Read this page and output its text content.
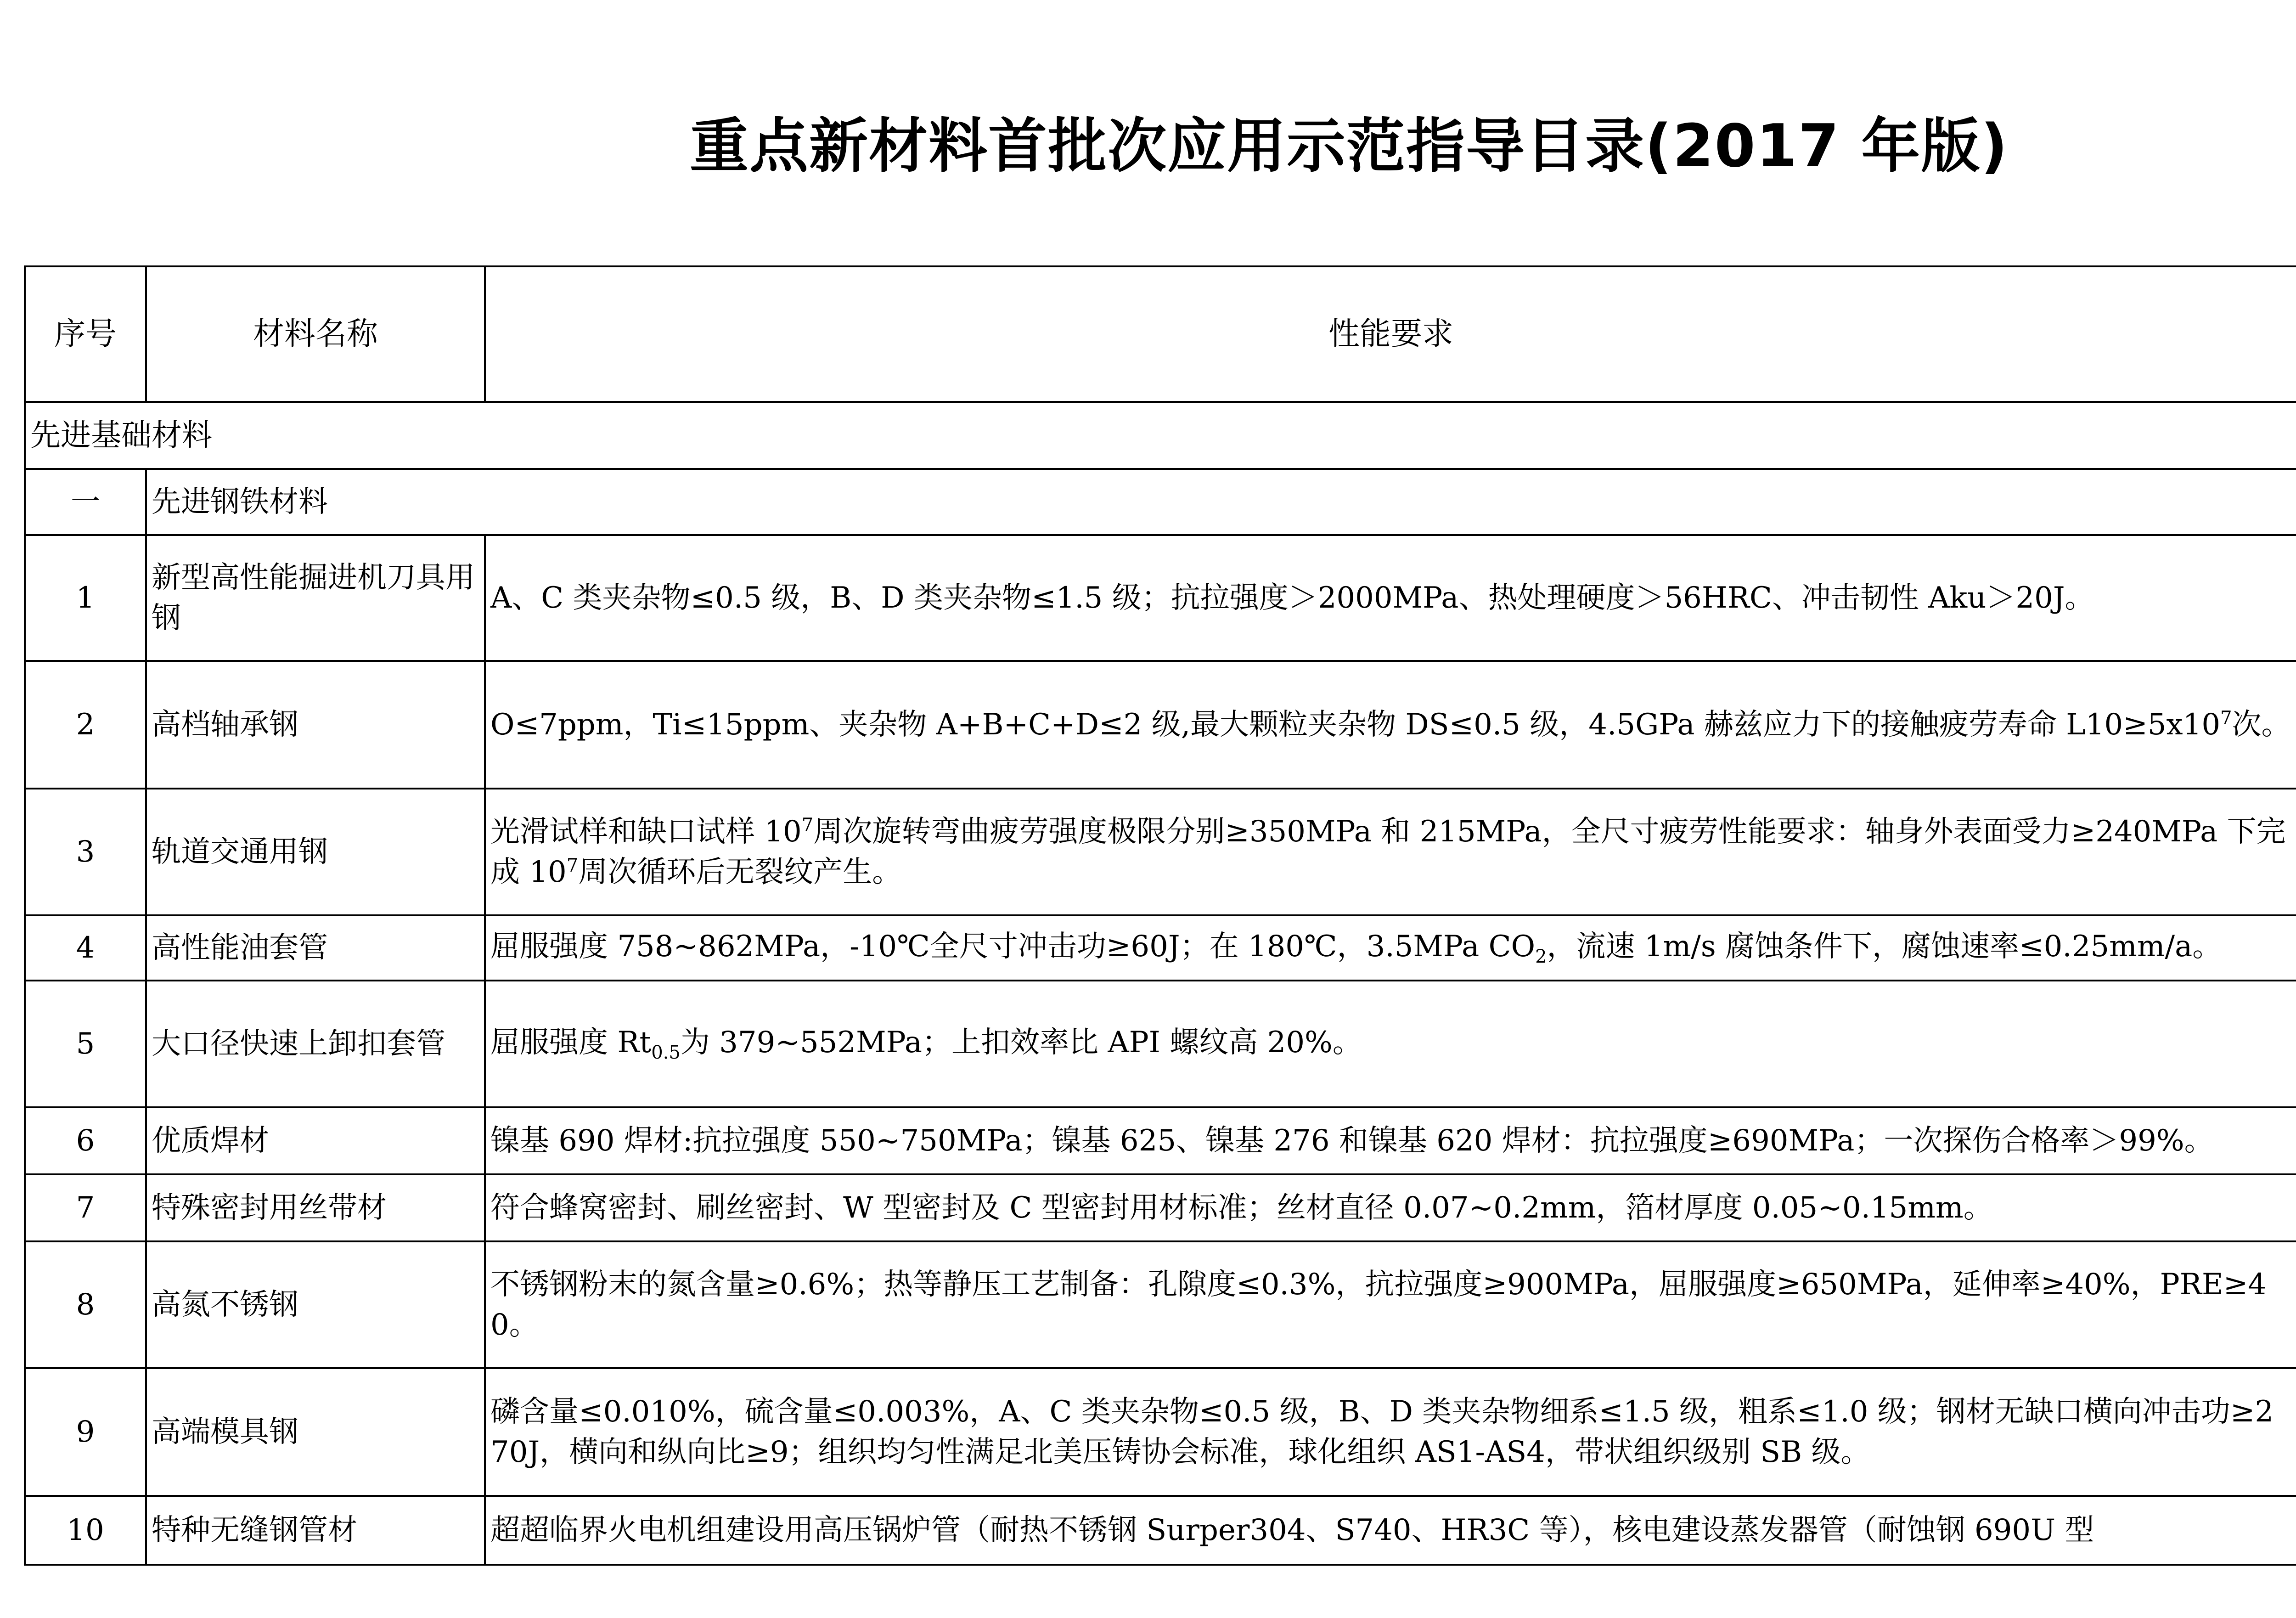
重点新材料首批次应用示范指导目录(2017 年版)
序号	材料名称	性能要求	
先进基础材料			
一	先进钢铁材料		
1	新型高性能掘进机刀具用钢	A、C 类夹杂物≤0.5 级，B、D 类夹杂物≤1.5 级；抗拉强度＞2000MPa、热处理硬度＞56HRC、冲击韧性 Aku＞20J。	
2	高档轴承钢	O≤7ppm，Ti≤15ppm、夹杂物 A+B+C+D≤2 级,最大颗粒夹杂物 DS≤0.5 级，4.5GPa 赫兹应力下的接触疲劳寿命 $L10\ge 5x10^7$次。	
3	轨道交通用钢	光滑试样和缺口试样 $10^7$周次旋转弯曲疲劳强度极限分别≥350MPa 和 215MPa，全尺寸疲劳性能要求：轴身外表面受力≥240MPa 下完成 $10^7$周次循环后无裂纹产生。	
4	高性能油套管	屈服强度 758~862MPa，-10℃全尺寸冲击功≥60J；在 180℃，3.5MPa $CO_2$，流速 1m/s 腐蚀条件下，腐蚀速率≤0.25mm/a。	
5	大口径快速上卸扣套管	屈服强度 $Rt_{0.5}$为 379~552MPa；上扣效率比 API 螺纹高 20%。	
6	优质焊材	镍基 690 焊材:抗拉强度 550~750MPa；镍基 625、镍基 276 和镍基 620 焊材：抗拉强度≥690MPa；一次探伤合格率＞99%。	
7	特殊密封用丝带材	符合蜂窝密封、刷丝密封、W 型密封及 C 型密封用材标准；丝材直径 0.07~0.2mm，箔材厚度 0.05~0.15mm。	
8	高氮不锈钢	不锈钢粉末的氮含量≥0.6%；热等静压工艺制备：孔隙度≤0.3%，抗拉强度≥900MPa，屈服强度≥650MPa，延伸率≥40%，PRE≥40。	
9	高端模具钢	磷含量≤0.010%，硫含量≤0.003%，A、C 类夹杂物≤0.5 级，B、D 类夹杂物细系≤1.5 级，粗系≤1.0 级；钢材无缺口横向冲击功≥270J，横向和纵向比≥9；组织均匀性满足北美压铸协会标准，球化组织 AS1-AS4，带状组织级别 SB 级。	
10	特种无缝钢管材	超超临界火电机组建设用高压锅炉管（耐热不锈钢 Surper304、S740、HR3C 等），核电建设蒸发器管（耐蚀钢 690U 型	
